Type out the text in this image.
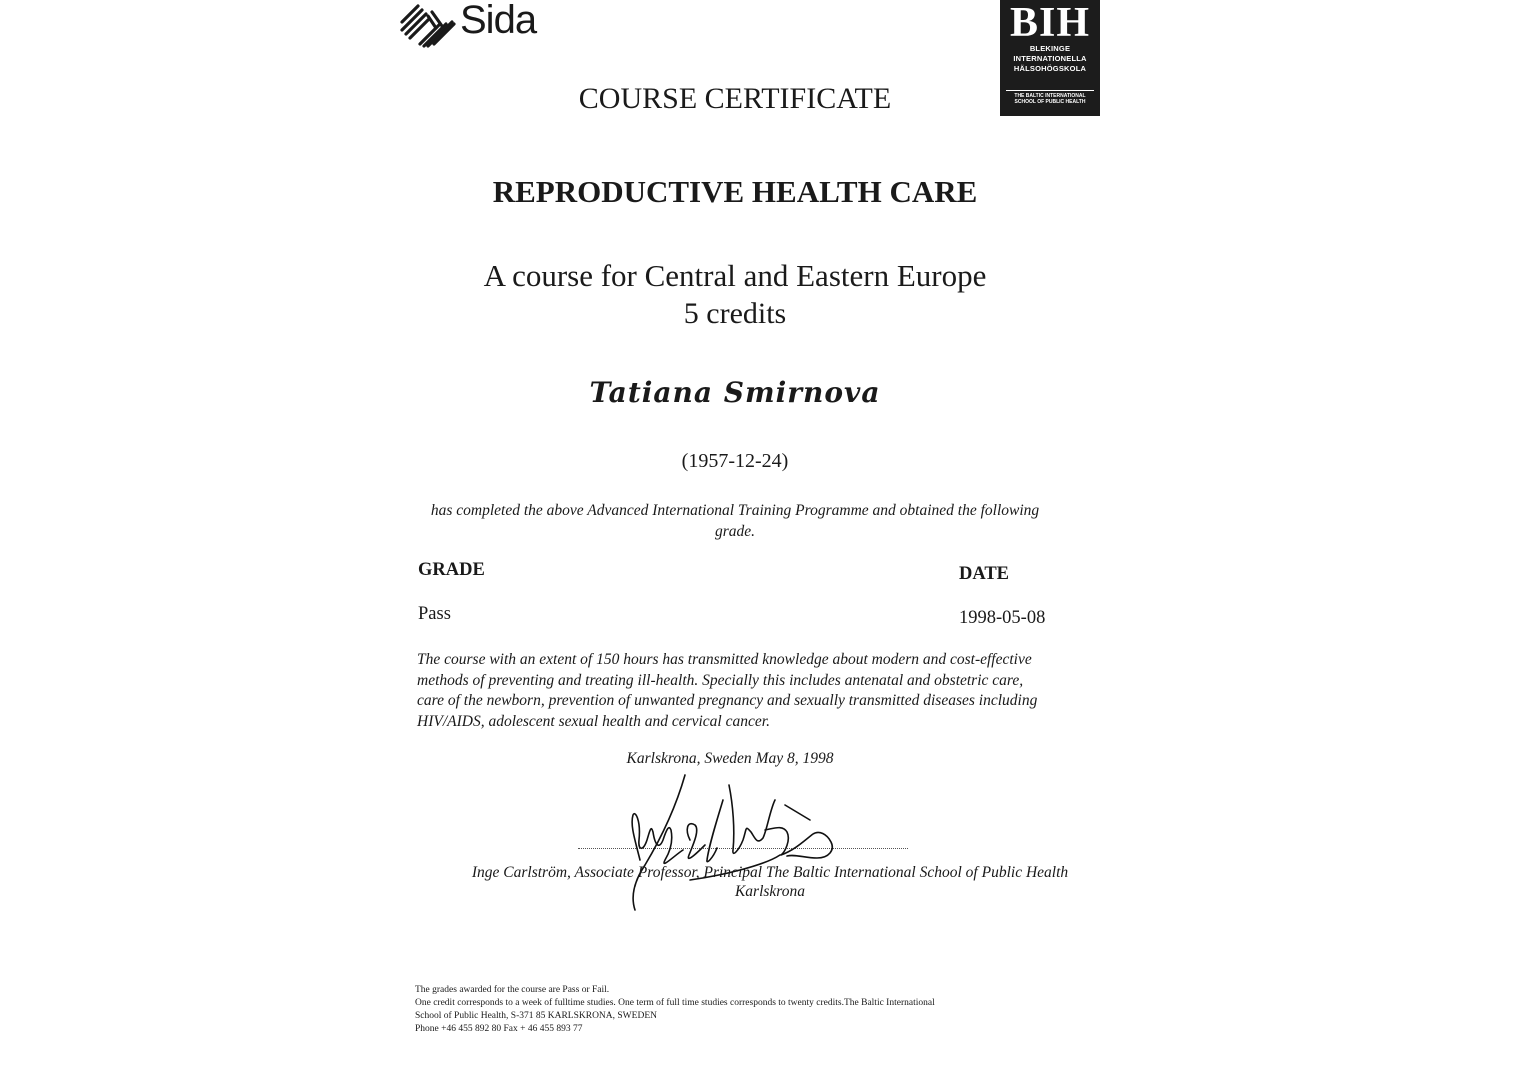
Sida	BIH
BLEKINGE
INTERNATIONELLA
HÄLSOHÖGSKOLA
THE BALTIC INTERNATIONAL
SCHOOL OF PUBLIC HEALTH
COURSE CERTIFICATE
REPRODUCTIVE HEALTH CARE
A course for Central and Eastern Europe
5 credits
Tatiana Smirnova
(1957-12-24)
has completed the above Advanced International Training Programme and obtained the following grade.
GRADE	DATE
Pass	1998-05-08
The course with an extent of 150 hours has transmitted knowledge about modern and cost-effective methods of preventing and treating ill-health. Specially this includes antenatal and obstetric care, care of the newborn, prevention of unwanted pregnancy and sexually transmitted diseases including HIV/AIDS, adolescent sexual health and cervical cancer.
Karlskrona, Sweden May 8, 1998
Inge Carlström, Associate Professor, Principal The Baltic International School of Public Health
Karlskrona
The grades awarded for the course are Pass or Fail.
One credit corresponds to a week of fulltime studies. One term of full time studies corresponds to twenty credits.The Baltic International
School of Public Health, S-371 85 KARLSKRONA, SWEDEN
Phone +46 455 892 80 Fax + 46 455 893 77
